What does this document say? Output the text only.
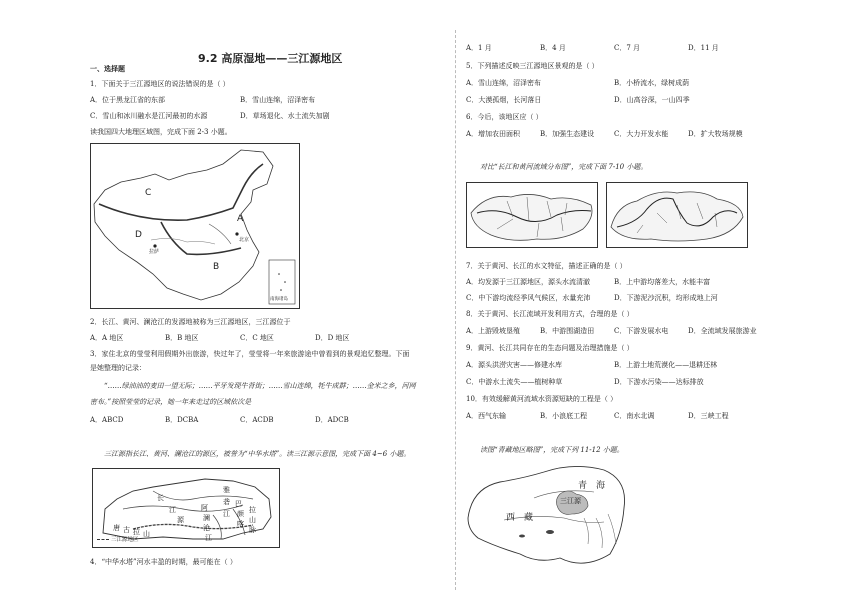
9.2 高原湿地——三江源地区
一、选择题
1．下面关于三江源地区的说法错误的是（ ）
A．位于黑龙江省的东部	B．雪山连绵，沼泽密布
C．雪山和冰川融水是江河最初的水源	D．草场退化、水土流失加剧
读我国四大地理区域图，完成下面 2-3 小题。
C
A
D
B
北京
拉萨
南海诸岛
2．长江、黄河、澜沧江的发源地被称为三江源地区，三江源位于
A．A 地区	B．B 地区	C．C 地区	D．D 地区
3．家住北京的莹莹利用假期外出旅游，快过年了，莹莹将一年来旅游途中曾看到的景观追忆整理。下面
是她整理的记录：
“……绿油油的麦田一望无际；……平牙发现牛背街；……雪山连绵，牦牛成群；……金米之乡，河网
密布。”按照莹莹的记录，她一年来走过的区域依次是
A．ABCD	B．DCBA	C．ACDB	D．ADCB
三江源指长江、黄河、澜沧江的源区，被誉为“中华水塔”。读三江源示意图，完成下面 4~6 小题。
长
江
源
雅
砻
江
唐 古 拉 山
阿
澜
沧
江
巴
颜
喀
拉
山
脉
三江源地区
4．“中华水塔”河水丰盈的时期，最可能在（ ）
A．1 月	B．4 月	C．7 月	D．11 月
5．下列描述反映三江源地区景观的是（ ）
A．雪山连绵，沼泽密布	B．小桥流水，绿树成荫
C．大漠孤烟，长河落日	D．山高谷深，一山四季
6．今后，该地区应（ ）
A．增加农田面积	B．加强生态建设	C．大力开发水能	D．扩大牧场规模
对比“长江和黄河流域分布图”，完成下面 7-10 小题。
7．关于黄河、长江的水文特征，描述正确的是（ ）
A．均发源于三江源地区，源头水流清澈	B．上中游均落差大，水能丰富
C．中下游均流经季风气候区，水量充沛	D．下游泥沙沉积，均形成地上河
8．关于黄河、长江流域开发利用方式，合理的是（ ）
A．上游毁坡垦殖	B．中游围湖造田	C．下游发展水电	D．全流域发展旅游业
9．黄河、长江共同存在的生态问题及治理措施是（ ）
A．源头洪涝灾害——修建水库	B．上游土地荒漠化——退耕还林
C．中游水土流失——植树种草	D．下游水污染——达标排放
10．有效缓解黄河流域水资源短缺的工程是（ ）
A．西气东输	B．小浪底工程	C．南水北调	D．三峡工程
读图“青藏地区略图”，完成下列 11-12 小题。
青　海
三江源
西　藏
